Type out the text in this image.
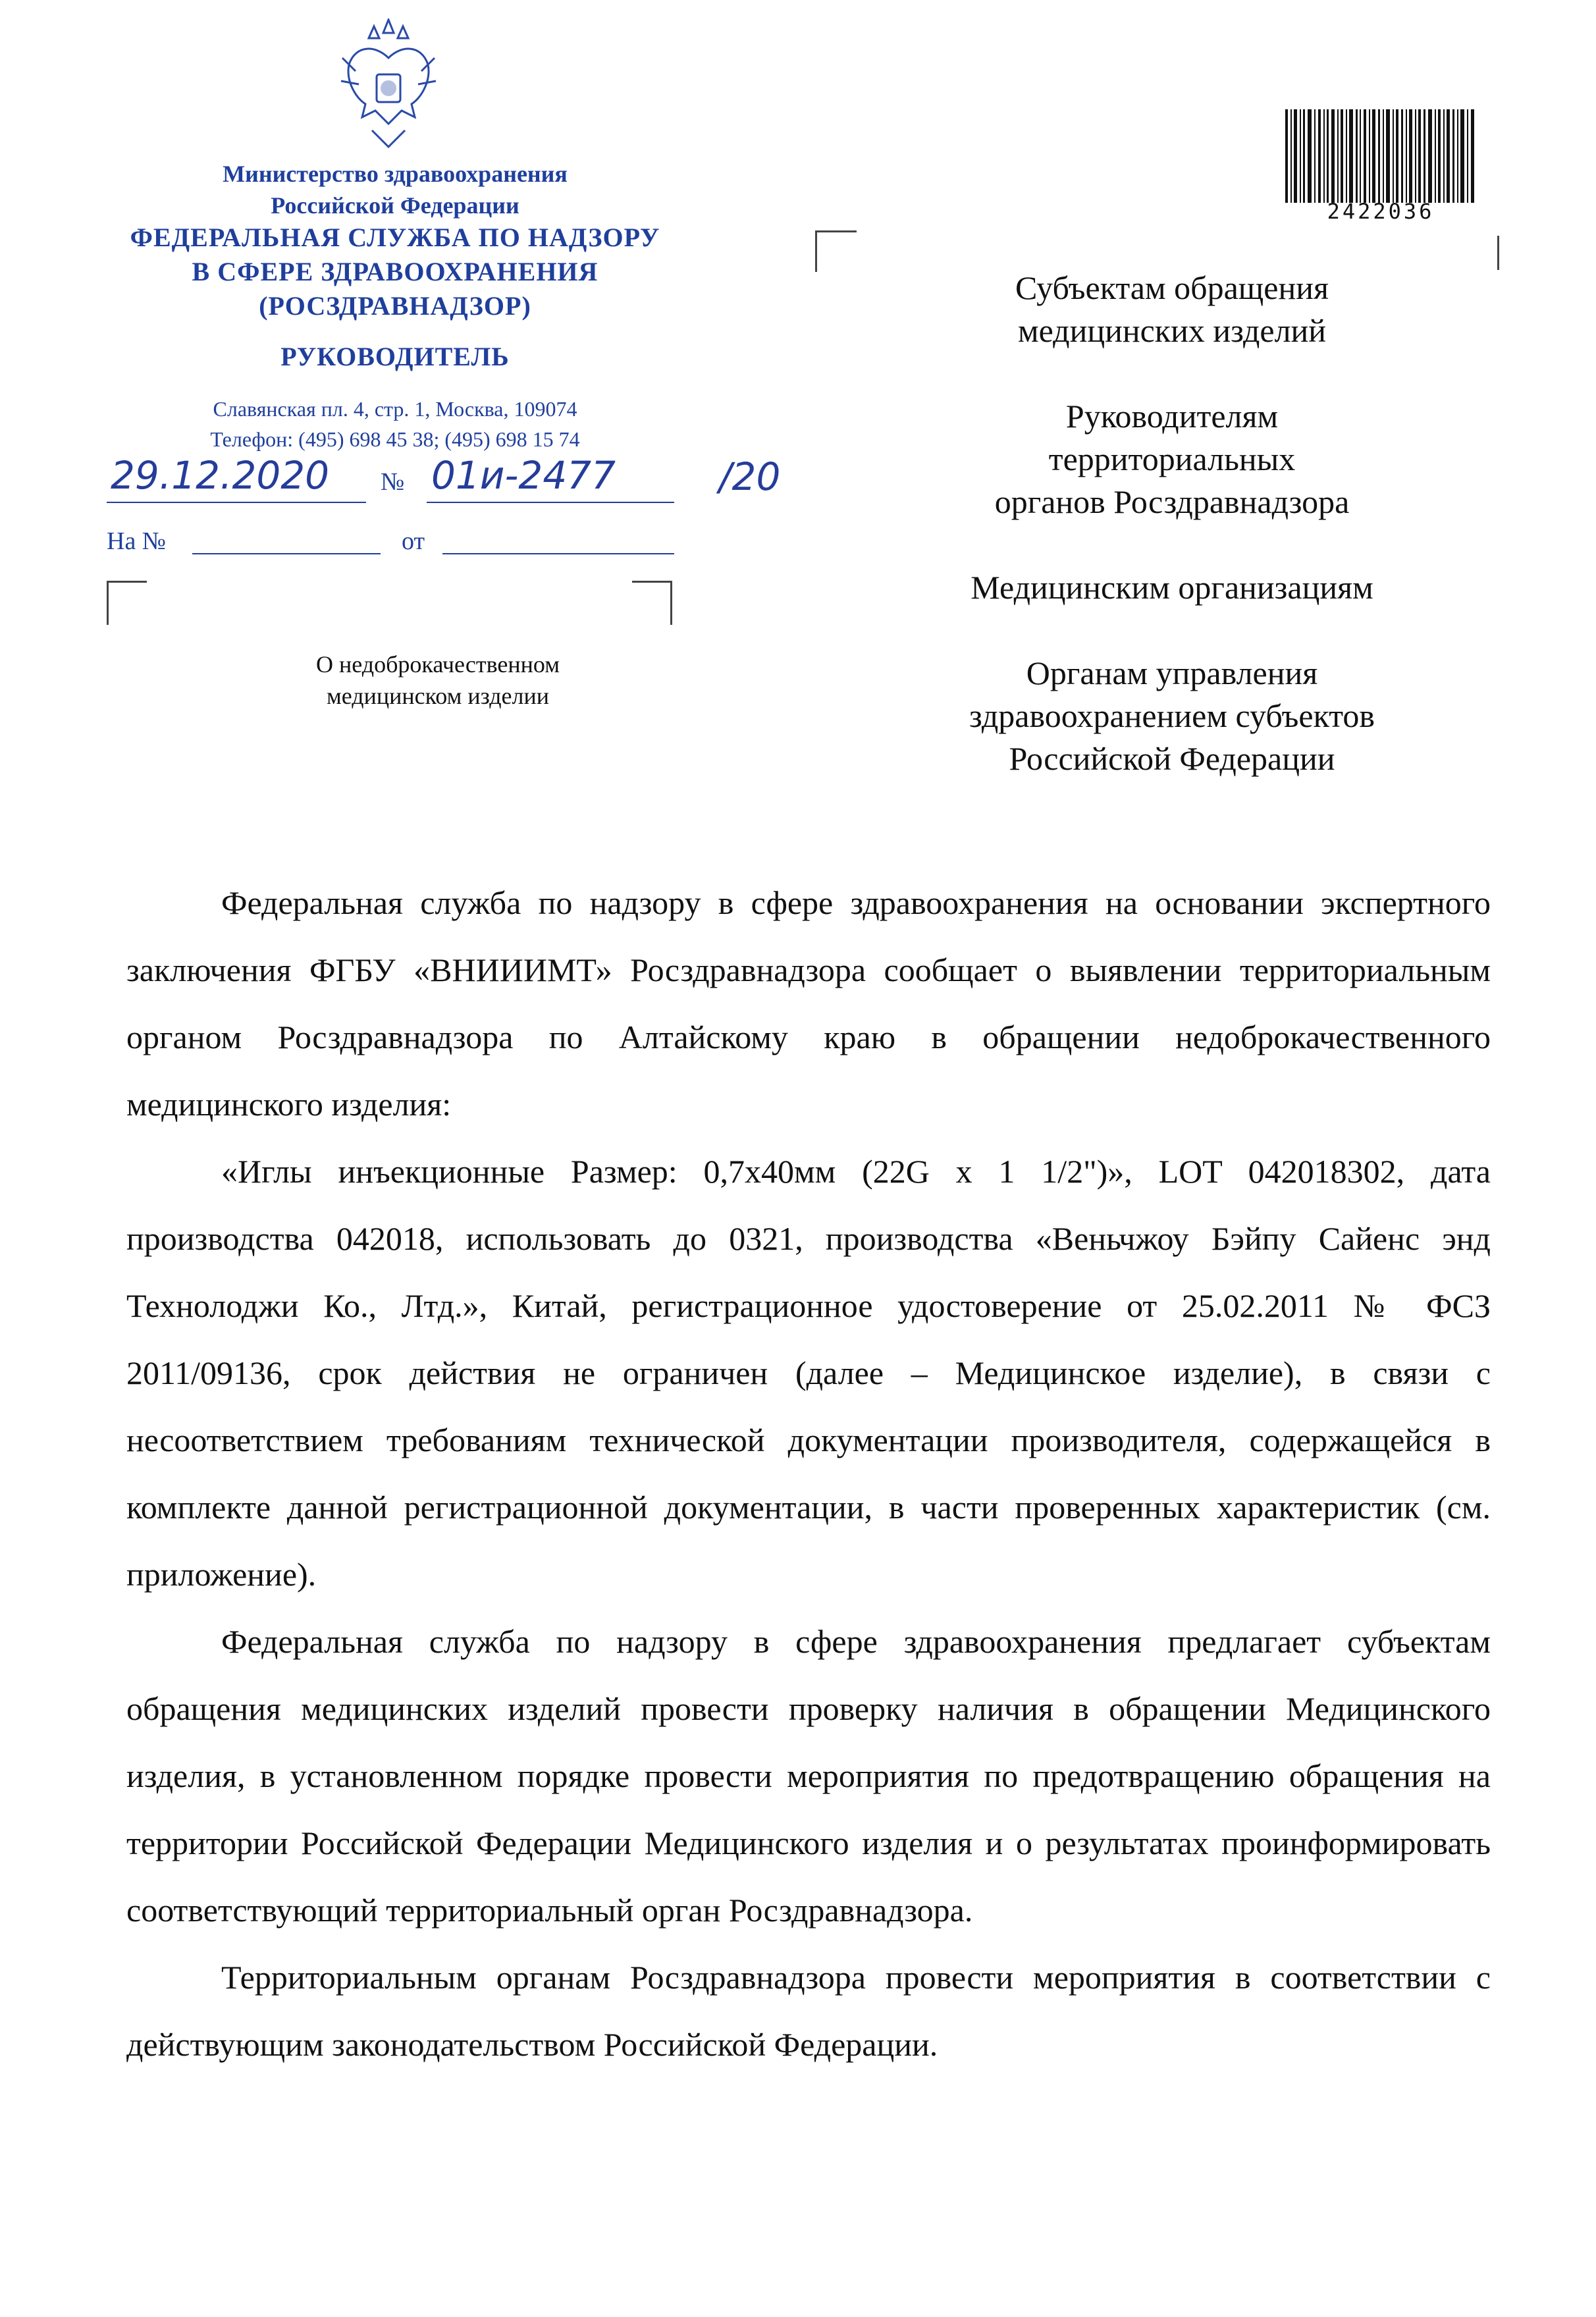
Министерство здравоохранения
Российской Федерации
ФЕДЕРАЛЬНАЯ СЛУЖБА ПО НАДЗОРУ
В СФЕРЕ ЗДРАВООХРАНЕНИЯ
(РОСЗДРАВНАДЗОР)
РУКОВОДИТЕЛЬ
Славянская пл. 4, стр. 1, Москва, 109074
Телефон: (495) 698 45 38; (495) 698 15 74
29.12.2020 № 01и-2477	/20
На №	от
О недоброкачественном
медицинском изделии
2422036
Субъектам обращения
медицинских изделий
Руководителям
территориальных
органов Росздравнадзора
Медицинским организациям
Органам управления
здравоохранением субъектов
Российской Федерации

Федеральная служба по надзору в сфере здравоохранения на основании экспертного заключения ФГБУ «ВНИИИМТ» Росздравнадзора сообщает о выявлении территориальным органом Росздравнадзора по Алтайскому краю в обращении недоброкачественного медицинского изделия:

«Иглы инъекционные Размер: 0,7х40мм (22G x 1 1/2")», LOT 042018302, дата производства 042018, использовать до 0321, производства «Веньчжоу Бэйпу Сайенс энд Технолоджи Ко., Лтд.», Китай, регистрационное удостоверение от 25.02.2011 № ФСЗ 2011/09136, срок действия не ограничен (далее – Медицинское изделие), в связи с несоответствием требованиям технической документации производителя, содержащейся в комплекте данной регистрационной документации, в части проверенных характеристик (см. приложение).

Федеральная служба по надзору в сфере здравоохранения предлагает субъектам обращения медицинских изделий провести проверку наличия в обращении Медицинского изделия, в установленном порядке провести мероприятия по предотвращению обращения на территории Российской Федерации Медицинского изделия и о результатах проинформировать соответствующий территориальный орган Росздравнадзора.

Территориальным органам Росздравнадзора провести мероприятия в соответствии с действующим законодательством Российской Федерации.
